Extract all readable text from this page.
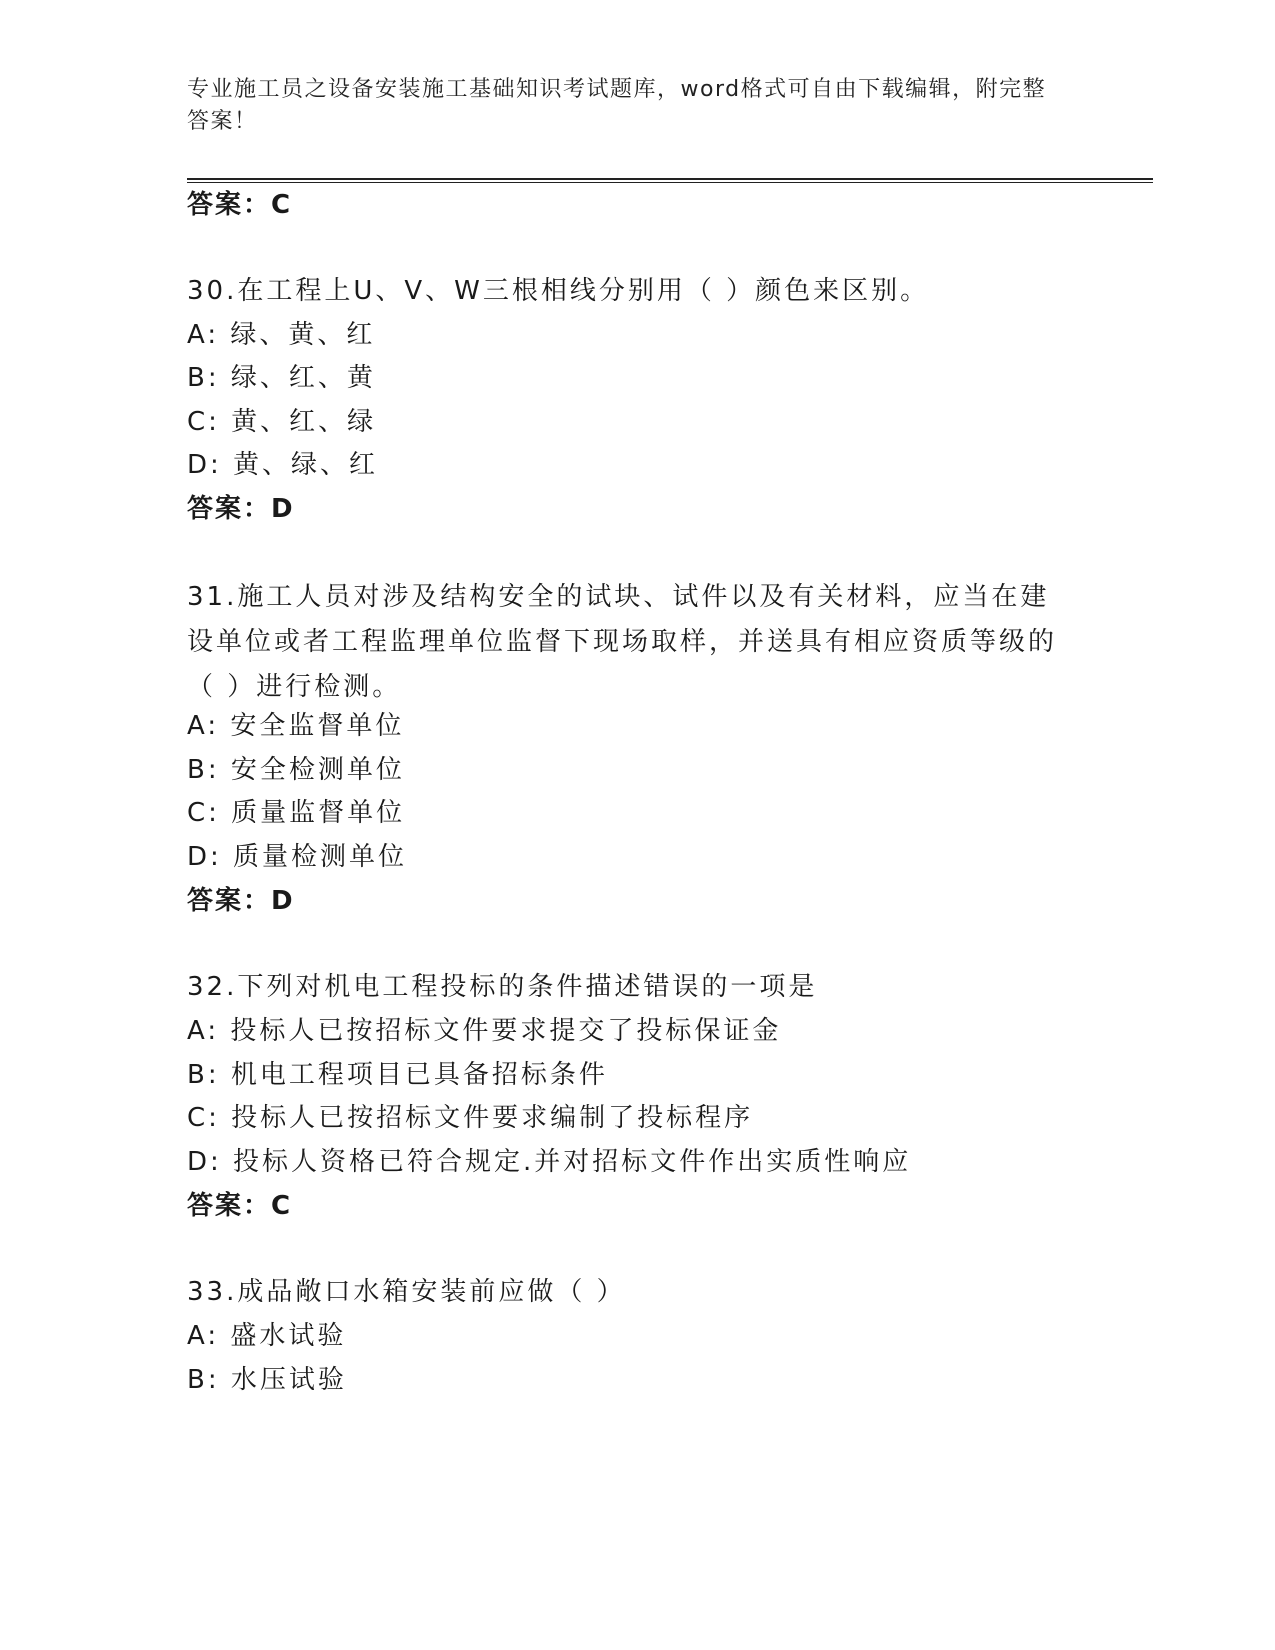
专业施工员之设备安装施工基础知识考试题库，word格式可自由下载编辑，附完整答案！
答案：C
30.在工程上U、V、W三根相线分别用（ ）颜色来区别。
A: 绿、黄、红
B: 绿、红、黄
C: 黄、红、绿
D: 黄、绿、红
答案：D
31.施工人员对涉及结构安全的试块、试件以及有关材料，应当在建设单位或者工程监理单位监督下现场取样，并送具有相应资质等级的（ ）进行检测。
A: 安全监督单位
B: 安全检测单位
C: 质量监督单位
D: 质量检测单位
答案：D
32.下列对机电工程投标的条件描述错误的一项是
A: 投标人已按招标文件要求提交了投标保证金
B: 机电工程项目已具备招标条件
C: 投标人已按招标文件要求编制了投标程序
D: 投标人资格已符合规定.并对招标文件作出实质性响应
答案：C
33.成品敞口水箱安装前应做（ ）
A: 盛水试验
B: 水压试验
